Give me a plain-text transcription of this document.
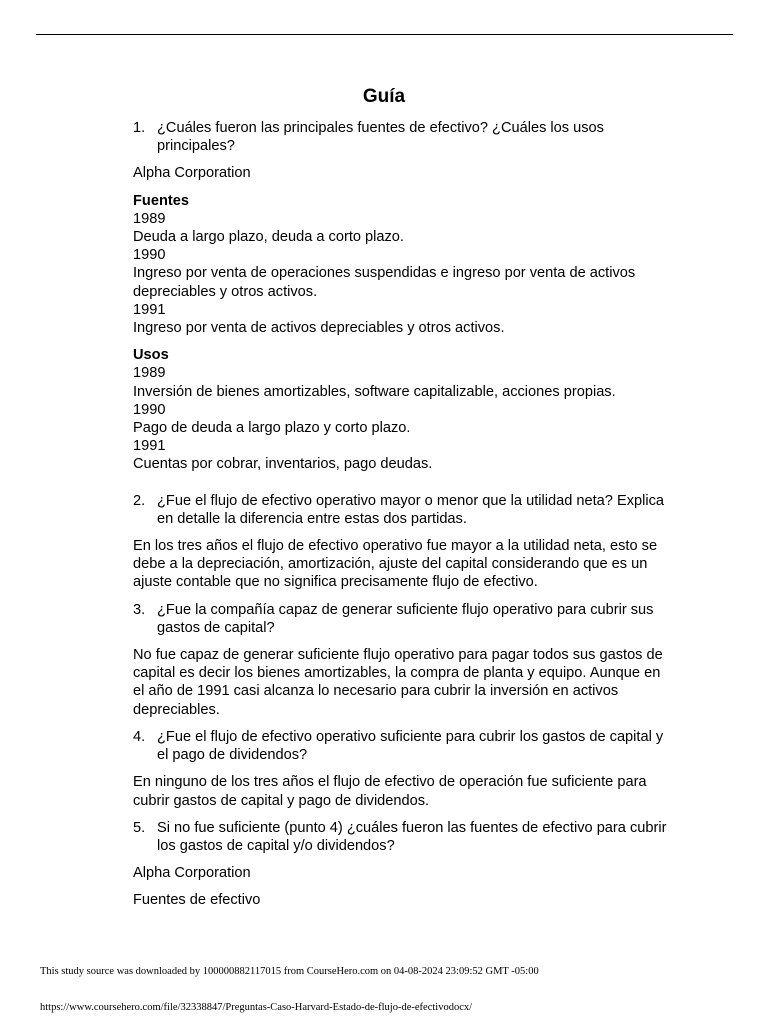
Guía
1. ¿Cuáles fueron las principales fuentes de efectivo? ¿Cuáles los usos principales?

Alpha Corporation

Fuentes

1989

Deuda a largo plazo, deuda a corto plazo.

1990

Ingreso por venta de operaciones suspendidas e ingreso por venta de activos depreciables y otros activos.

1991

Ingreso por venta de activos depreciables y otros activos.

Usos

1989

Inversión de bienes amortizables, software capitalizable, acciones propias.

1990

Pago de deuda a largo plazo y corto plazo.

1991

Cuentas por cobrar, inventarios, pago deudas.

2. ¿Fue el flujo de efectivo operativo mayor o menor que la utilidad neta? Explica en detalle la diferencia entre estas dos partidas.

En los tres años el flujo de efectivo operativo fue mayor a la utilidad neta, esto se debe a la depreciación, amortización, ajuste del capital considerando que es un ajuste contable que no significa precisamente flujo de efectivo.

3. ¿Fue la compañía capaz de generar suficiente flujo operativo para cubrir sus gastos de capital?

No fue capaz de generar suficiente flujo operativo para pagar todos sus gastos de capital es decir los bienes amortizables, la compra de planta y equipo. Aunque en el año de 1991 casi alcanza lo necesario para cubrir la inversión en activos depreciables.

4. ¿Fue el flujo de efectivo operativo suficiente para cubrir los gastos de capital y el pago de dividendos?

En ninguno de los tres años el flujo de efectivo de operación fue suficiente para cubrir gastos de capital y pago de dividendos.

5. Si no fue suficiente (punto 4) ¿cuáles fueron las fuentes de efectivo para cubrir los gastos de capital y/o dividendos?

Alpha Corporation

Fuentes de efectivo

This study source was downloaded by 100000882117015 from CourseHero.com on 04-08-2024 23:09:52 GMT -05:00
https://www.coursehero.com/file/32338847/Preguntas-Caso-Harvard-Estado-de-flujo-de-efectivodocx/
